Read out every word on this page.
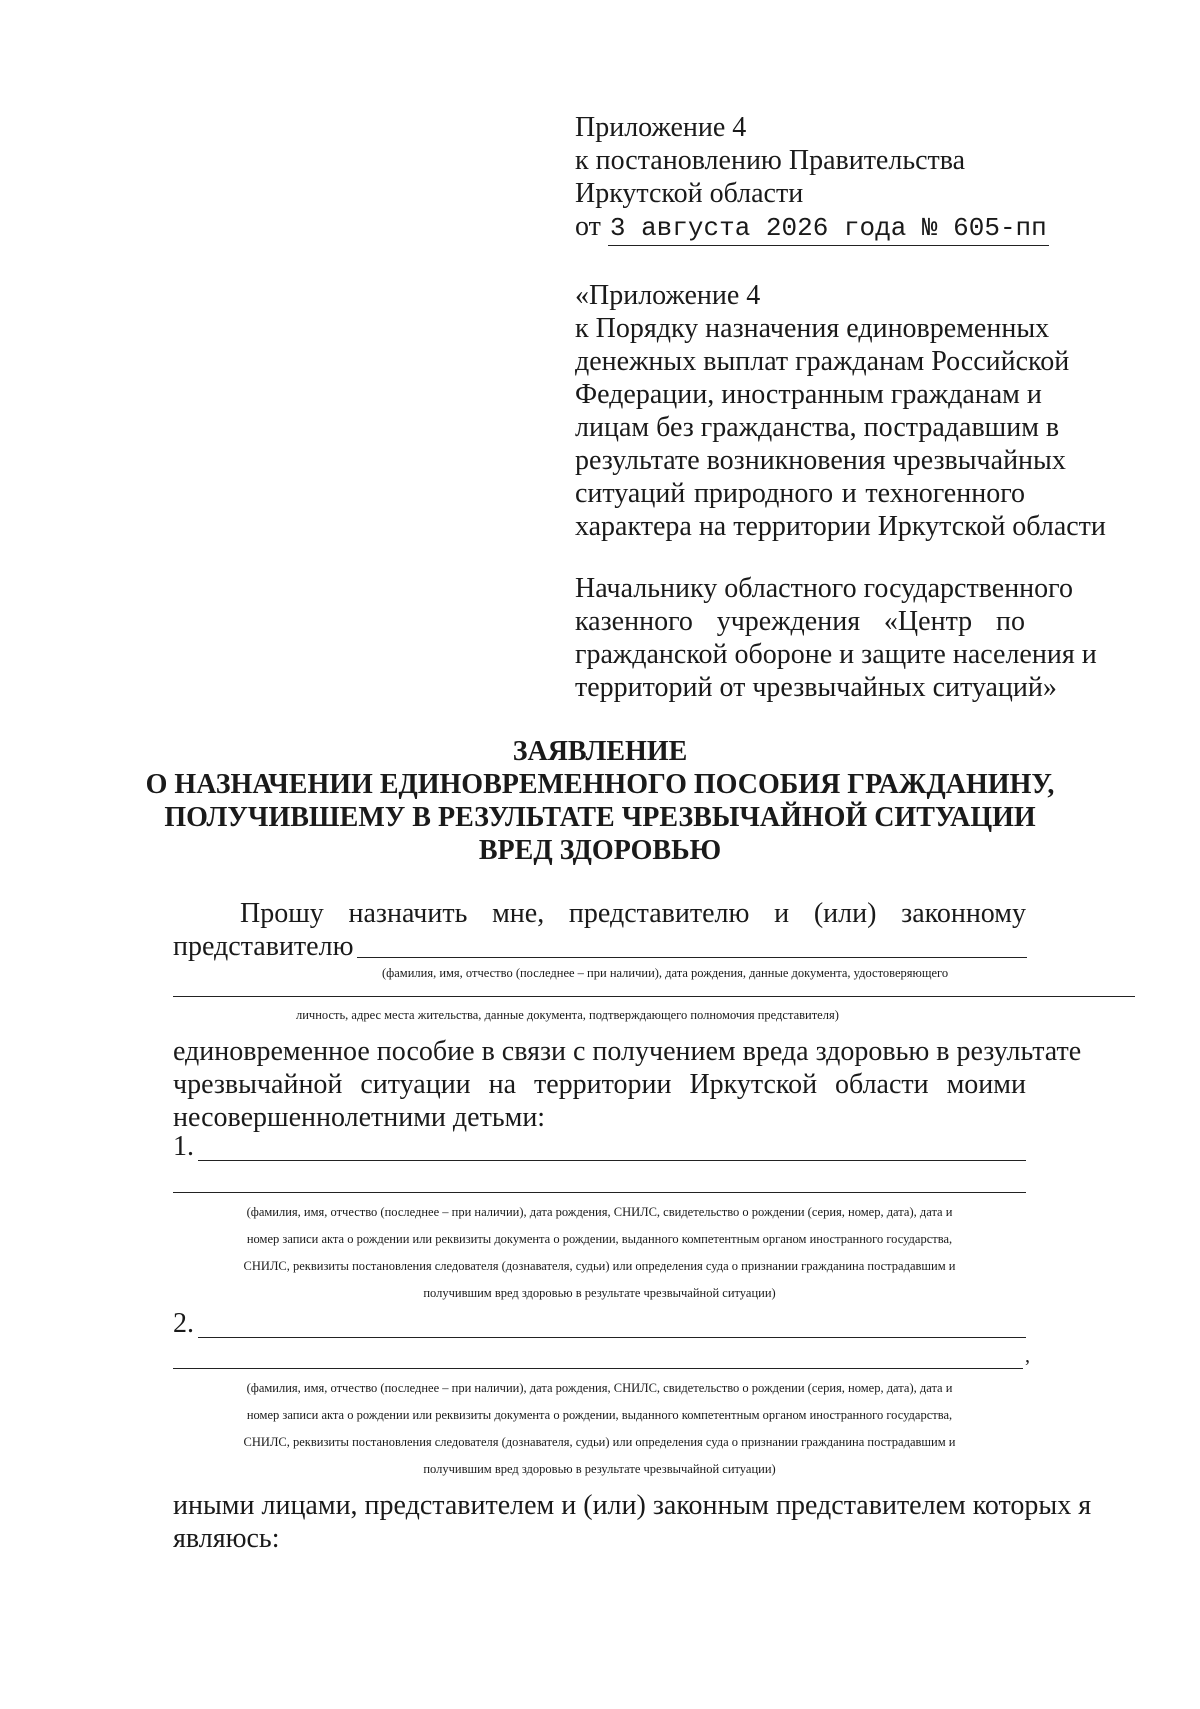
Приложение 4
к постановлению Правительства
Иркутской области
от 3 августа 2026 года № 605-пп
«Приложение 4
к Порядку назначения единовременных
денежных выплат гражданам Российской
Федерации, иностранным гражданам и
лицам без гражданства, пострадавшим в
результате возникновения чрезвычайных
ситуаций природного и техногенного
характера на территории Иркутской области
Начальнику областного государственного
казенного учреждения «Центр по
гражданской обороне и защите населения и
территорий от чрезвычайных ситуаций»
ЗАЯВЛЕНИЕ
О НАЗНАЧЕНИИ ЕДИНОВРЕМЕННОГО ПОСОБИЯ ГРАЖДАНИНУ,
ПОЛУЧИВШЕМУ В РЕЗУЛЬТАТЕ ЧРЕЗВЫЧАЙНОЙ СИТУАЦИИ
ВРЕД ЗДОРОВЬЮ
Прошу назначить мне, представителю и (или) законному
представителю
(фамилия, имя, отчество (последнее – при наличии), дата рождения, данные документа, удостоверяющего
личность, адрес места жительства, данные документа, подтверждающего полномочия представителя)
единовременное пособие в связи с получением вреда здоровью в результате
чрезвычайной ситуации на территории Иркутской области моими
несовершеннолетними детьми:
1.
(фамилия, имя, отчество (последнее – при наличии), дата рождения, СНИЛС, свидетельство о рождении (серия, номер, дата), дата и
номер записи акта о рождении или реквизиты документа о рождении, выданного компетентным органом иностранного государства,
СНИЛС, реквизиты постановления следователя (дознавателя, судьи) или определения суда о признании гражданина пострадавшим и
получившим вред здоровью в результате чрезвычайной ситуации)
2.
,
(фамилия, имя, отчество (последнее – при наличии), дата рождения, СНИЛС, свидетельство о рождении (серия, номер, дата), дата и
номер записи акта о рождении или реквизиты документа о рождении, выданного компетентным органом иностранного государства,
СНИЛС, реквизиты постановления следователя (дознавателя, судьи) или определения суда о признании гражданина пострадавшим и
получившим вред здоровью в результате чрезвычайной ситуации)
иными лицами, представителем и (или) законным представителем которых я
являюсь:
